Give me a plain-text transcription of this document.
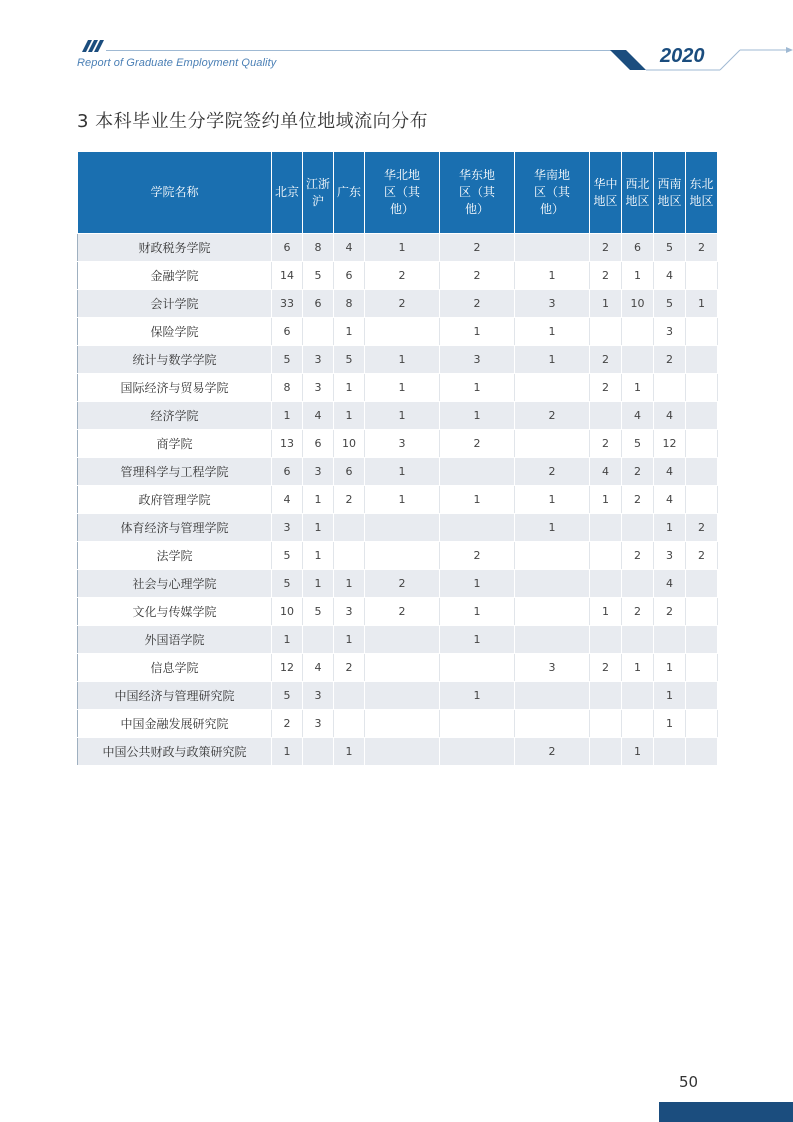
Report of Graduate Employment Quality	2020
3 本科毕业生分学院签约单位地域流向分布
学院名称	北京	江浙沪	广东	华北地区（其他）	华东地区（其他）	华南地区（其他）	华中地区	西北地区	西南地区	东北地区
财政税务学院	6	8	4	1	2		2	6	5	2
金融学院	14	5	6	2	2	1	2	1	4	
会计学院	33	6	8	2	2	3	1	10	5	1
保险学院	6		1		1	1			3	
统计与数学学院	5	3	5	1	3	1	2		2	
国际经济与贸易学院	8	3	1	1	1		2	1		
经济学院	1	4	1	1	1	2		4	4	
商学院	13	6	10	3	2		2	5	12	
管理科学与工程学院	6	3	6	1		2	4	2	4	
政府管理学院	4	1	2	1	1	1	1	2	4	
体育经济与管理学院	3	1				1			1	2
法学院	5	1			2			2	3	2
社会与心理学院	5	1	1	2	1				4	
文化与传媒学院	10	5	3	2	1		1	2	2	
外国语学院	1		1		1					
信息学院	12	4	2			3	2	1	1	
中国经济与管理研究院	5	3			1				1	
中国金融发展研究院	2	3							1	
中国公共财政与政策研究院	1		1			2		1		
50
